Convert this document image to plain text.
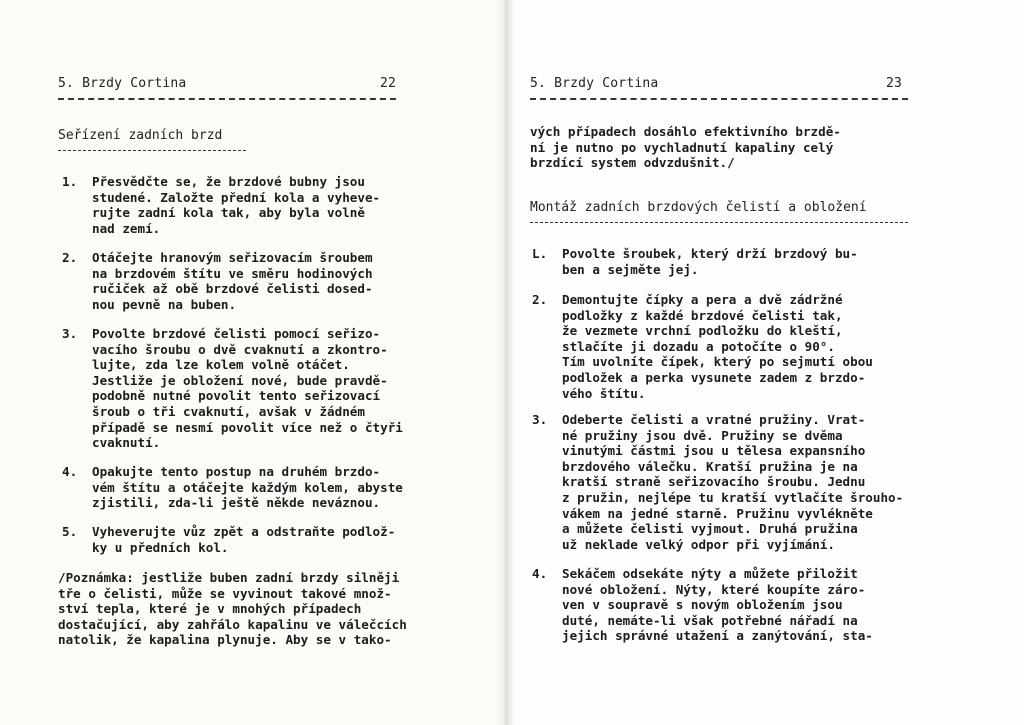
5. Brzdy Cortina

	22

Seřízení zadních brzd
1. Přesvědčte se, že brzdové bubny jsou
studené. Založte přední kola a vyheve-
rujte zadní kola tak, aby byla volně
nad zemí.
2. Otáčejte hranovým seřizovacím šroubem
na brzdovém štítu ve směru hodinových
ručiček až obě brzdové čelisti dosed-
nou pevně na buben.
3. Povolte brzdové čelisti pomocí seřizo-
vacího šroubu o dvě cvaknutí a zkontro-
lujte, zda lze kolem volně otáčet.
Jestliže je obložení nové, bude pravdě-
podobně nutné povolit tento seřizovací
šroub o tři cvaknutí, avšak v žádném
případě se nesmí povolit více než o čtyři
cvaknutí.
4. Opakujte tento postup na druhém brzdo-
vém štítu a otáčejte každým kolem, abyste
zjistili, zda-li ještě někde neváznou.
5. Vyheverujte vůz zpět a odstraňte podlož-
ky u předních kol.
/Poznámka: jestliže buben zadní brzdy silněji
tře o čelisti, může se vyvinout takové množ-
ství tepla, které je v mnohých případech
dostačující, aby zahřálo kapalinu ve válečcích
natolik, že kapalina plynuje. Aby se v tako-

5. Brzdy Cortina

	23

vých případech dosáhlo efektivního brzdě-
ní je nutno po vychladnutí kapaliny celý
brzdící system odvzdušnit./
Montáž zadních brzdových čelistí a obložení
L. Povolte šroubek, který drží brzdový bu-
ben a sejměte jej.
2. Demontujte čípky a pera a dvě zádržné
podložky z každé brzdové čelisti tak,
že vezmete vrchní podložku do kleští,
stlačíte ji dozadu a potočíte o 90°.
Tím uvolníte čípek, který po sejmutí obou
podložek a perka vysunete zadem z brzdo-
vého štítu.
3. Odeberte čelisti a vratné pružiny. Vrat-
né pružiny jsou dvě. Pružiny se dvěma
vinutými částmi jsou u tělesa expansního
brzdového válečku. Kratší pružina je na
kratší straně seřizovacího šroubu. Jednu
z pružin, nejlépe tu kratší vytlačíte šrouho-
vákem na jedné starně. Pružinu vyvlékněte
a můžete čelisti vyjmout. Druhá pružina
už neklade velký odpor při vyjímání.
4. Sekáčem odsekáte nýty a můžete přiložit
nové obložení. Nýty, které koupíte záro-
ven v soupravě s novým obložením jsou
duté, nemáte-li však potřebné nářadí na
jejich správné utažení a zanýtování, sta-
